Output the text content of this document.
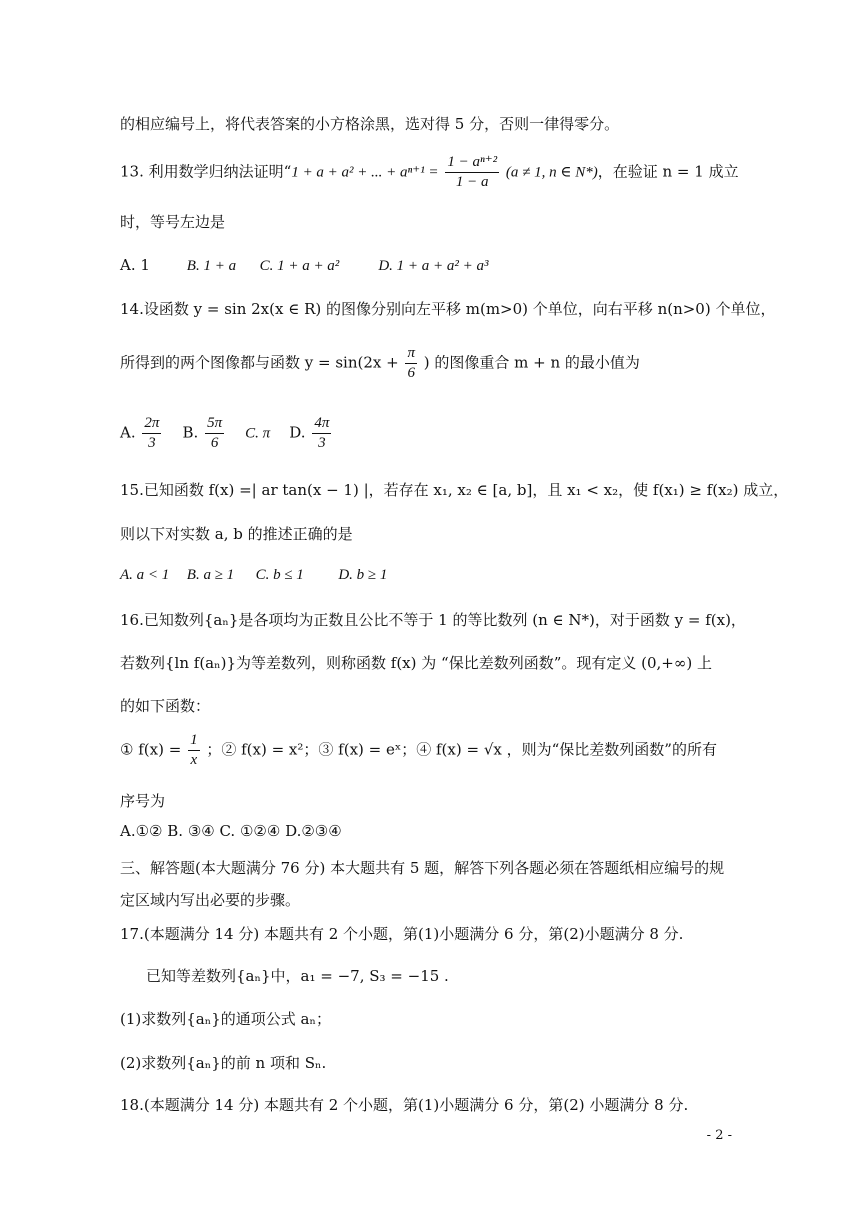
的相应编号上，将代表答案的小方格涂黑，选对得 5 分，否则一律得零分。
13. 利用数学归纳法证明“1 + a + a² + ... + $a^{n+1} = \frac{\text{1 − aⁿ⁺²}}{1 - a} (a \ne 1$, n ∈ N*)，在验证 n = 1 成立
时，等号左边是
A. 1 B. 1 + a C. 1 + a + a²	D. 1 + a + a² + a³
14.设函数 y = sin 2x(x ∈ R) 的图像分别向左平移 m(m>0) 个单位，向右平移 n(n>0) 个单位，
所得到的两个图像都与函数 $y = \sin(2x + \frac{\pi}{6}$ ) 的图像重合 m + n 的最小值为
A. $\frac{2\pi}{3} B$. $\frac{5\pi}{6} C$. π D. $\frac{4\pi}{3}$
15.已知函数 f(x) =| ar tan(x − 1) |，若存在 x₁, x₂ ∈ [a, b]，且 x₁ < x₂，使 f(x₁) ≥ f(x₂) 成立，
则以下对实数 a, b 的推述正确的是
A. a < 1 B. a ≥ 1 C. b ≤ 1 D. b ≥ 1
16.已知数列{aₙ}是各项均为正数且公比不等于 1 的等比数列 (n ∈ N*)，对于函数 y = f(x)，
若数列{ln f(aₙ)}为等差数列，则称函数 f(x) 为 “保比差数列函数”。现有定义 (0,+∞) 上
的如下函数：
① $f(x) = \frac{1}{x}$ ；② f(x) = x²；③ f(x) = eˣ；④ f(x) = √x ，则为“保比差数列函数”的所有
序号为
A.①② B. ③④ C. ①②④ D.②③④
三、解答题(本大题满分 76 分) 本大题共有 5 题，解答下列各题必须在答题纸相应编号的规
定区域内写出必要的步骤。
17.(本题满分 14 分) 本题共有 2 个小题，第(1)小题满分 6 分，第(2)小题满分 8 分.
已知等差数列{aₙ}中，a₁ = −7, S₃ = −15 .
(1)求数列{aₙ}的通项公式 aₙ；
(2)求数列{aₙ}的前 n 项和 Sₙ.
18.(本题满分 14 分) 本题共有 2 个小题，第(1)小题满分 6 分，第(2) 小题满分 8 分.
- 2 -
